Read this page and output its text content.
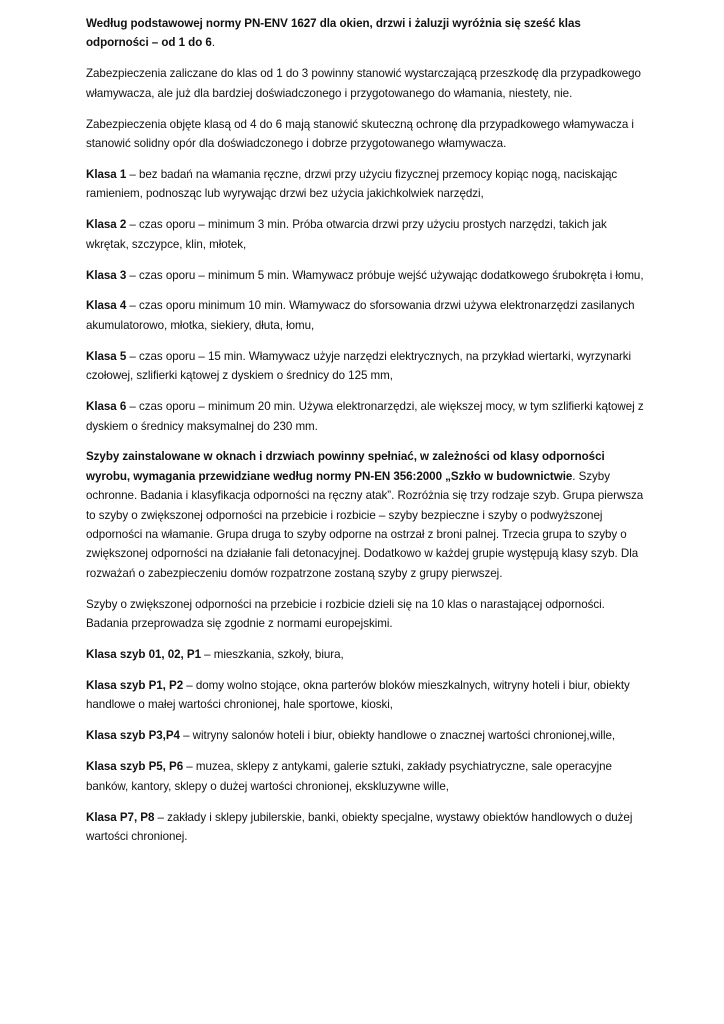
Według podstawowej normy PN-ENV 1627 dla okien, drzwi i żaluzji wyróżnia się sześć klas odporności – od 1 do 6.

Zabezpieczenia zaliczane do klas od 1 do 3 powinny stanowić wystarczającą przeszkodę dla przypadkowego włamywacza, ale już dla bardziej doświadczonego i przygotowanego do włamania, niestety, nie.

Zabezpieczenia objęte klasą od 4 do 6 mają stanowić skuteczną ochronę dla przypadkowego włamywacza i stanowić solidny opór dla doświadczonego i dobrze przygotowanego włamywacza.

Klasa 1 – bez badań na włamania ręczne, drzwi przy użyciu fizycznej przemocy kopiąc nogą, naciskając ramieniem, podnosząc lub wyrywając drzwi bez użycia jakichkolwiek narzędzi,

Klasa 2 – czas oporu – minimum 3 min. Próba otwarcia drzwi przy użyciu prostych narzędzi, takich jak wkrętak, szczypce, klin, młotek,

Klasa 3 – czas oporu – minimum 5 min. Włamywacz próbuje wejść używając dodatkowego śrubokręta i łomu,

Klasa 4 – czas oporu minimum 10 min. Włamywacz do sforsowania drzwi używa elektronarzędzi zasilanych akumulatorowo, młotka, siekiery, dłuta, łomu,

Klasa 5 – czas oporu – 15 min. Włamywacz użyje narzędzi elektrycznych, na przykład wiertarki, wyrzynarki czołowej, szlifierki kątowej z dyskiem o średnicy do 125 mm,

Klasa 6 – czas oporu – minimum 20 min. Używa elektronarzędzi, ale większej mocy, w tym szlifierki kątowej z dyskiem o średnicy maksymalnej do 230 mm.

Szyby zainstalowane w oknach i drzwiach powinny spełniać, w zależności od klasy odporności wyrobu, wymagania przewidziane według normy PN-EN 356:2000 „Szkło w budownictwie. Szyby ochronne. Badania i klasyfikacja odporności na ręczny atak”. Rozróżnia się trzy rodzaje szyb. Grupa pierwsza to szyby o zwiększonej odporności na przebicie i rozbicie – szyby bezpieczne i szyby o podwyższonej odporności na włamanie. Grupa druga to szyby odporne na ostrzał z broni palnej. Trzecia grupa to szyby o zwiększonej odporności na działanie fali detonacyjnej. Dodatkowo w każdej grupie występują klasy szyb. Dla rozważań o zabezpieczeniu domów rozpatrzone zostaną szyby z grupy pierwszej.

Szyby o zwiększonej odporności na przebicie i rozbicie dzieli się na 10 klas o narastającej odporności. Badania przeprowadza się zgodnie z normami europejskimi.

Klasa szyb 01, 02, P1 – mieszkania, szkoły, biura,

Klasa szyb P1, P2 – domy wolno stojące, okna parterów bloków mieszkalnych, witryny hoteli i biur, obiekty handlowe o małej wartości chronionej, hale sportowe, kioski,

Klasa szyb P3,P4 – witryny salonów hoteli i biur, obiekty handlowe o znacznej wartości chronionej,wille,

Klasa szyb P5, P6 – muzea, sklepy z antykami, galerie sztuki, zakłady psychiatryczne, sale operacyjne banków, kantory, sklepy o dużej wartości chronionej, ekskluzywne wille,

Klasa P7, P8 – zakłady i sklepy jubilerskie, banki, obiekty specjalne, wystawy obiektów handlowych o dużej wartości chronionej.
